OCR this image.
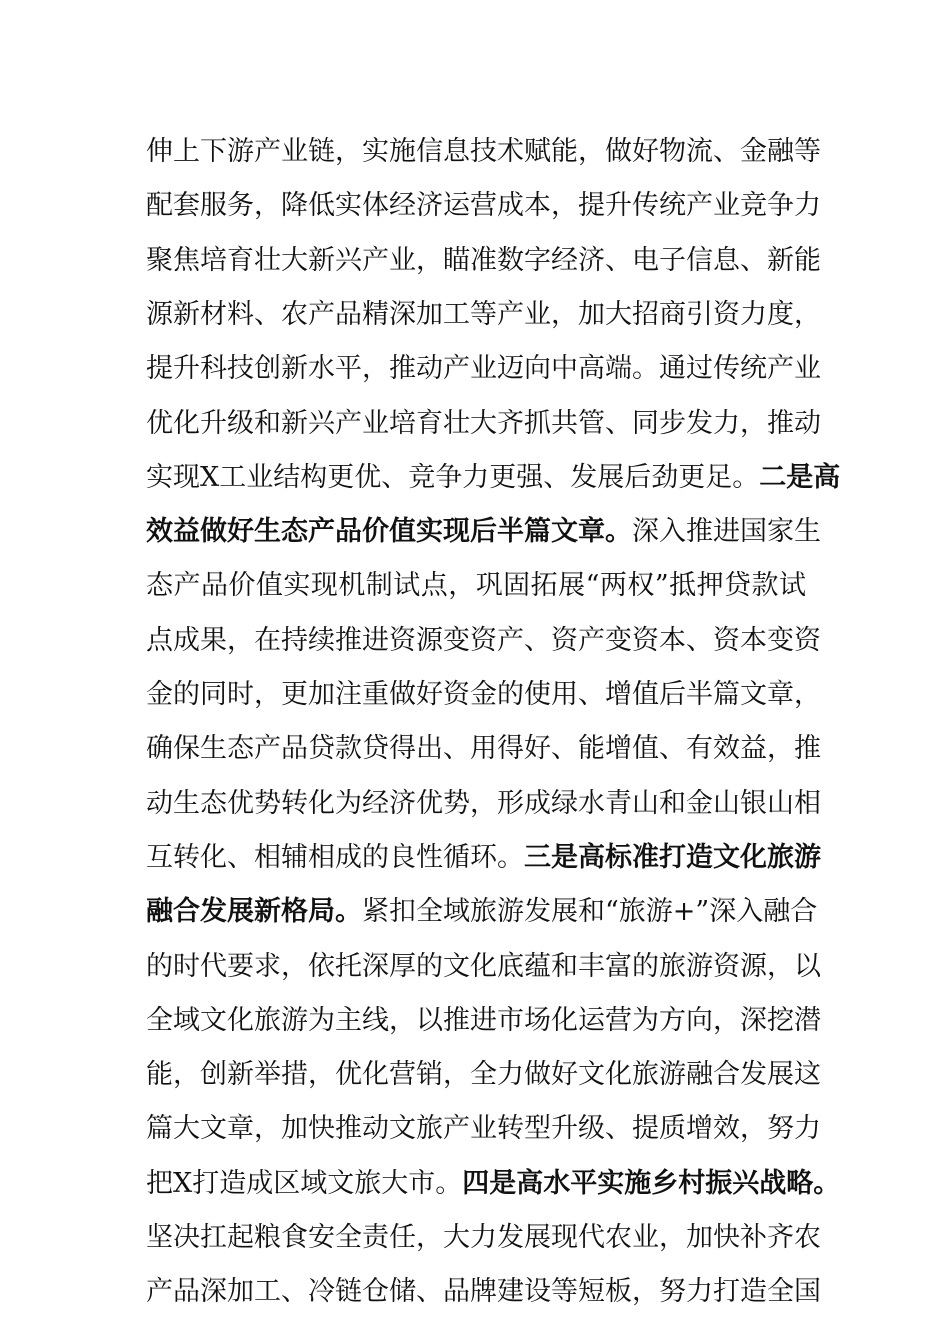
伸上下游产业链，实施信息技术赋能，做好物流、金融等
配套服务，降低实体经济运营成本，提升传统产业竞争力
聚焦培育壮大新兴产业，瞄准数字经济、电子信息、新能
源新材料、农产品精深加工等产业，加大招商引资力度，
提升科技创新水平，推动产业迈向中高端。通过传统产业
优化升级和新兴产业培育壮大齐抓共管、同步发力，推动
实现X工业结构更优、竞争力更强、发展后劲更足。二是高
效益做好生态产品价值实现后半篇文章。深入推进国家生
态产品价值实现机制试点，巩固拓展“两权”抵押贷款试
点成果，在持续推进资源变资产、资产变资本、资本变资
金的同时，更加注重做好资金的使用、增值后半篇文章，
确保生态产品贷款贷得出、用得好、能增值、有效益，推
动生态优势转化为经济优势，形成绿水青山和金山银山相
互转化、相辅相成的良性循环。三是高标准打造文化旅游
融合发展新格局。紧扣全域旅游发展和“旅游+”深入融合
的时代要求，依托深厚的文化底蕴和丰富的旅游资源，以
全域文化旅游为主线，以推进市场化运营为方向，深挖潜
能，创新举措，优化营销，全力做好文化旅游融合发展这
篇大文章，加快推动文旅产业转型升级、提质增效，努力
把X打造成区域文旅大市。四是高水平实施乡村振兴战略。
坚决扛起粮食安全责任，大力发展现代农业，加快补齐农
产品深加工、冷链仓储、品牌建设等短板，努力打造全国
